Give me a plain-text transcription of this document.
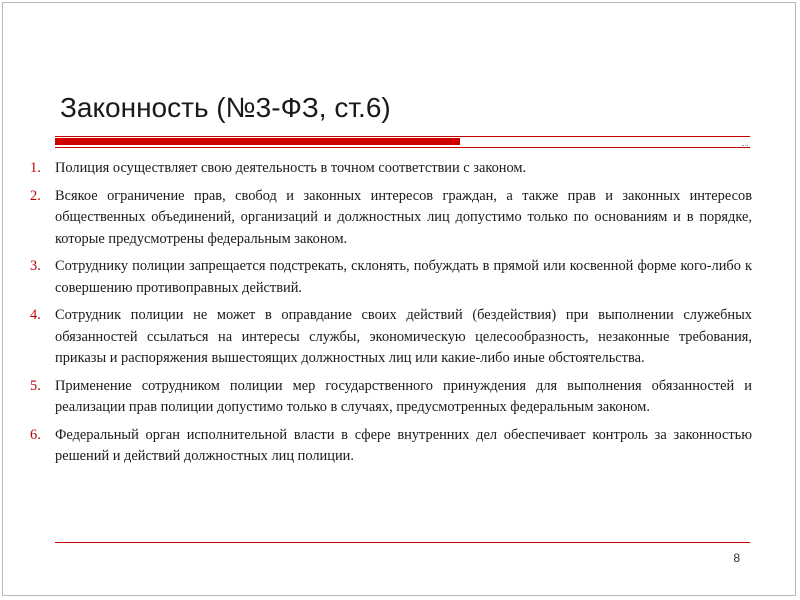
Законность (№3-ФЗ, ст.6)
1. Полиция осуществляет свою деятельность в точном соответствии с законом.
2. Всякое ограничение прав, свобод и законных интересов граждан, а также прав и законных интересов общественных объединений, организаций и должностных лиц допустимо только по основаниям и в порядке, которые предусмотрены федеральным законом.
3. Сотруднику полиции запрещается подстрекать, склонять, побуждать в прямой или косвенной форме кого-либо к совершению противоправных действий.
4. Сотрудник полиции не может в оправдание своих действий (бездействия) при выполнении служебных обязанностей ссылаться на интересы службы, экономическую целесообразность, незаконные требования, приказы и распоряжения вышестоящих должностных лиц или какие-либо иные обстоятельства.
5. Применение сотрудником полиции мер государственного принуждения для выполнения обязанностей и реализации прав полиции допустимо только в случаях, предусмотренных федеральным законом.
6. Федеральный орган исполнительной власти в сфере внутренних дел обеспечивает контроль за законностью решений и действий должностных лиц полиции.
8
